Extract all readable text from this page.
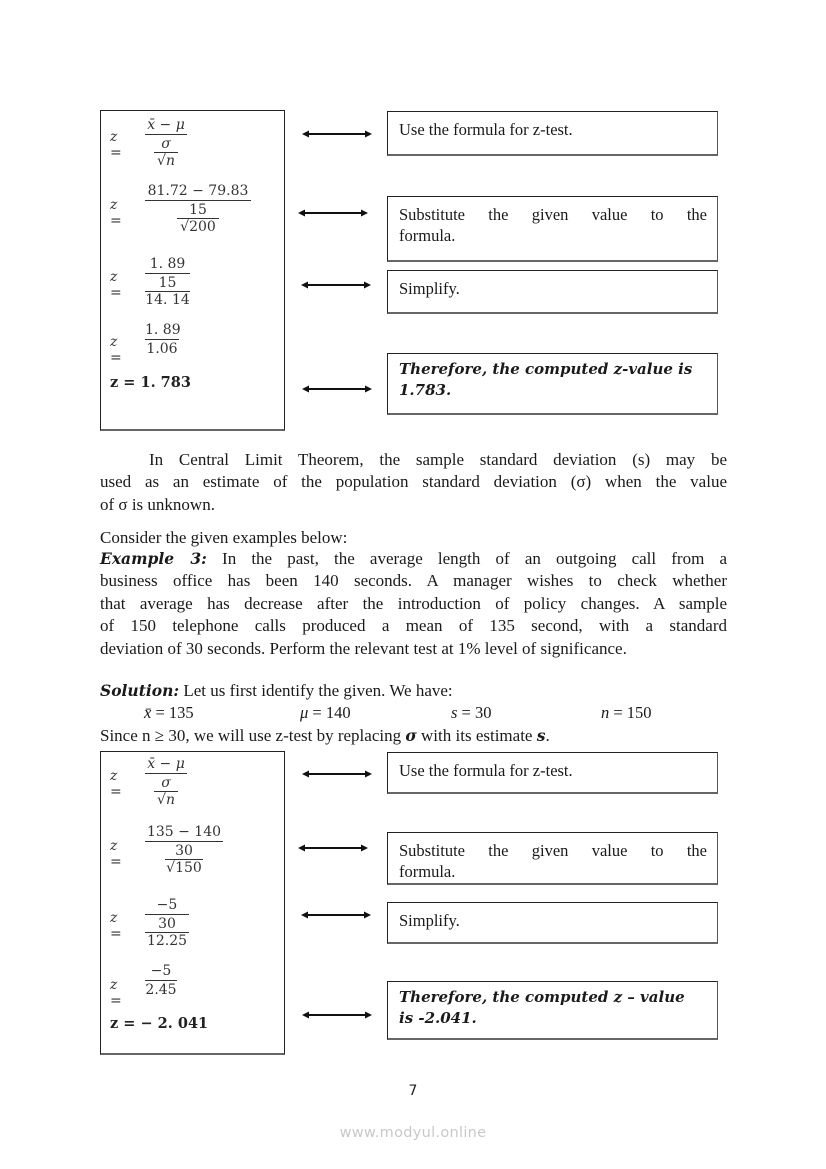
z =
x̄ − μ
σ
√n
z =
81.72 − 79.83
15
√200
z =
1. 89
15
14. 14
z =
1. 89
1.06
z = 1. 783
Use the formula for z-test.
Substitute the given value to the
formula.
Simplify.
Therefore, the computed z-value is
1.783.
In Central Limit Theorem, the sample standard deviation (s) may be
used as an estimate of the population standard deviation (σ) when the value
of σ is unknown.
Consider the given examples below:
Example 3: In the past, the average length of an outgoing call from a
business office has been 140 seconds. A manager wishes to check whether
that average has decrease after the introduction of policy changes. A sample
of 150 telephone calls produced a mean of 135 second, with a standard
deviation of 30 seconds. Perform the relevant test at 1% level of significance.
Solution: Let us first identify the given. We have:
x̄ = 135	μ = 140	s = 30	n = 150
Since n ≥ 30, we will use z-test by replacing σ with its estimate s.
z =
x̄ − μ
σ
√n
z =
135 − 140
30
√150
z =
−5
30
12.25
z =
−5
2.45
z = − 2. 041
Use the formula for z-test.
Substitute the given value to the
formula.
Simplify.
Therefore, the computed z – value
is -2.041.
7
www.modyul.online
